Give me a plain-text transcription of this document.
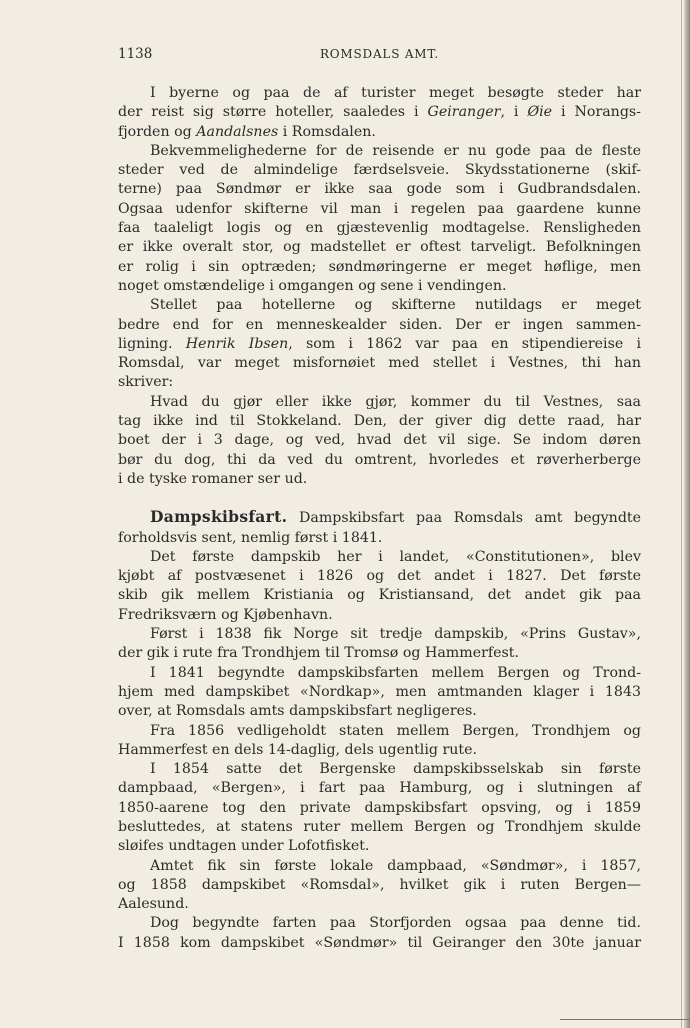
1138	ROMSDALS AMT.
I byerne og paa de af turister meget besøgte steder har
der reist sig større hoteller, saaledes i Geiranger, i Øie i Norangs-
fjorden og Aandalsnes i Romsdalen.
Bekvemmelighederne for de reisende er nu gode paa de fleste
steder ved de almindelige færdselsveie. Skydsstationerne (skif-
terne) paa Søndmør er ikke saa gode som i Gudbrandsdalen.
Ogsaa udenfor skifterne vil man i regelen paa gaardene kunne
faa taaleligt logis og en gjæstevenlig modtagelse. Rensligheden
er ikke overalt stor, og madstellet er oftest tarveligt. Befolkningen
er rolig i sin optræden; søndmøringerne er meget høflige, men
noget omstændelige i omgangen og sene i vendingen.
Stellet paa hotellerne og skifterne nutildags er meget
bedre end for en menneskealder siden. Der er ingen sammen-
ligning. Henrik Ibsen, som i 1862 var paa en stipendiereise i
Romsdal, var meget misfornøiet med stellet i Vestnes, thi han
skriver:
Hvad du gjør eller ikke gjør, kommer du til Vestnes, saa
tag ikke ind til Stokkeland. Den, der giver dig dette raad, har
boet der i 3 dage, og ved, hvad det vil sige. Se indom døren
bør du dog, thi da ved du omtrent, hvorledes et røverherberge
i de tyske romaner ser ud.
Dampskibsfart. Dampskibsfart paa Romsdals amt begyndte
forholdsvis sent, nemlig først i 1841.
Det første dampskib her i landet, «Constitutionen», blev
kjøbt af postvæsenet i 1826 og det andet i 1827. Det første
skib gik mellem Kristiania og Kristiansand, det andet gik paa
Fredriksværn og Kjøbenhavn.
Først i 1838 fik Norge sit tredje dampskib, «Prins Gustav»,
der gik i rute fra Trondhjem til Tromsø og Hammerfest.
I 1841 begyndte dampskibsfarten mellem Bergen og Trond-
hjem med dampskibet «Nordkap», men amtmanden klager i 1843
over, at Romsdals amts dampskibsfart negligeres.
Fra 1856 vedligeholdt staten mellem Bergen, Trondhjem og
Hammerfest en dels 14-daglig, dels ugentlig rute.
I 1854 satte det Bergenske dampskibsselskab sin første
dampbaad, «Bergen», i fart paa Hamburg, og i slutningen af
1850-aarene tog den private dampskibsfart opsving, og i 1859
besluttedes, at statens ruter mellem Bergen og Trondhjem skulde
sløifes undtagen under Lofotfisket.
Amtet fik sin første lokale dampbaad, «Søndmør», i 1857,
og 1858 dampskibet «Romsdal», hvilket gik i ruten Bergen—
Aalesund.
Dog begyndte farten paa Storfjorden ogsaa paa denne tid.
I 1858 kom dampskibet «Søndmør» til Geiranger den 30te januar
